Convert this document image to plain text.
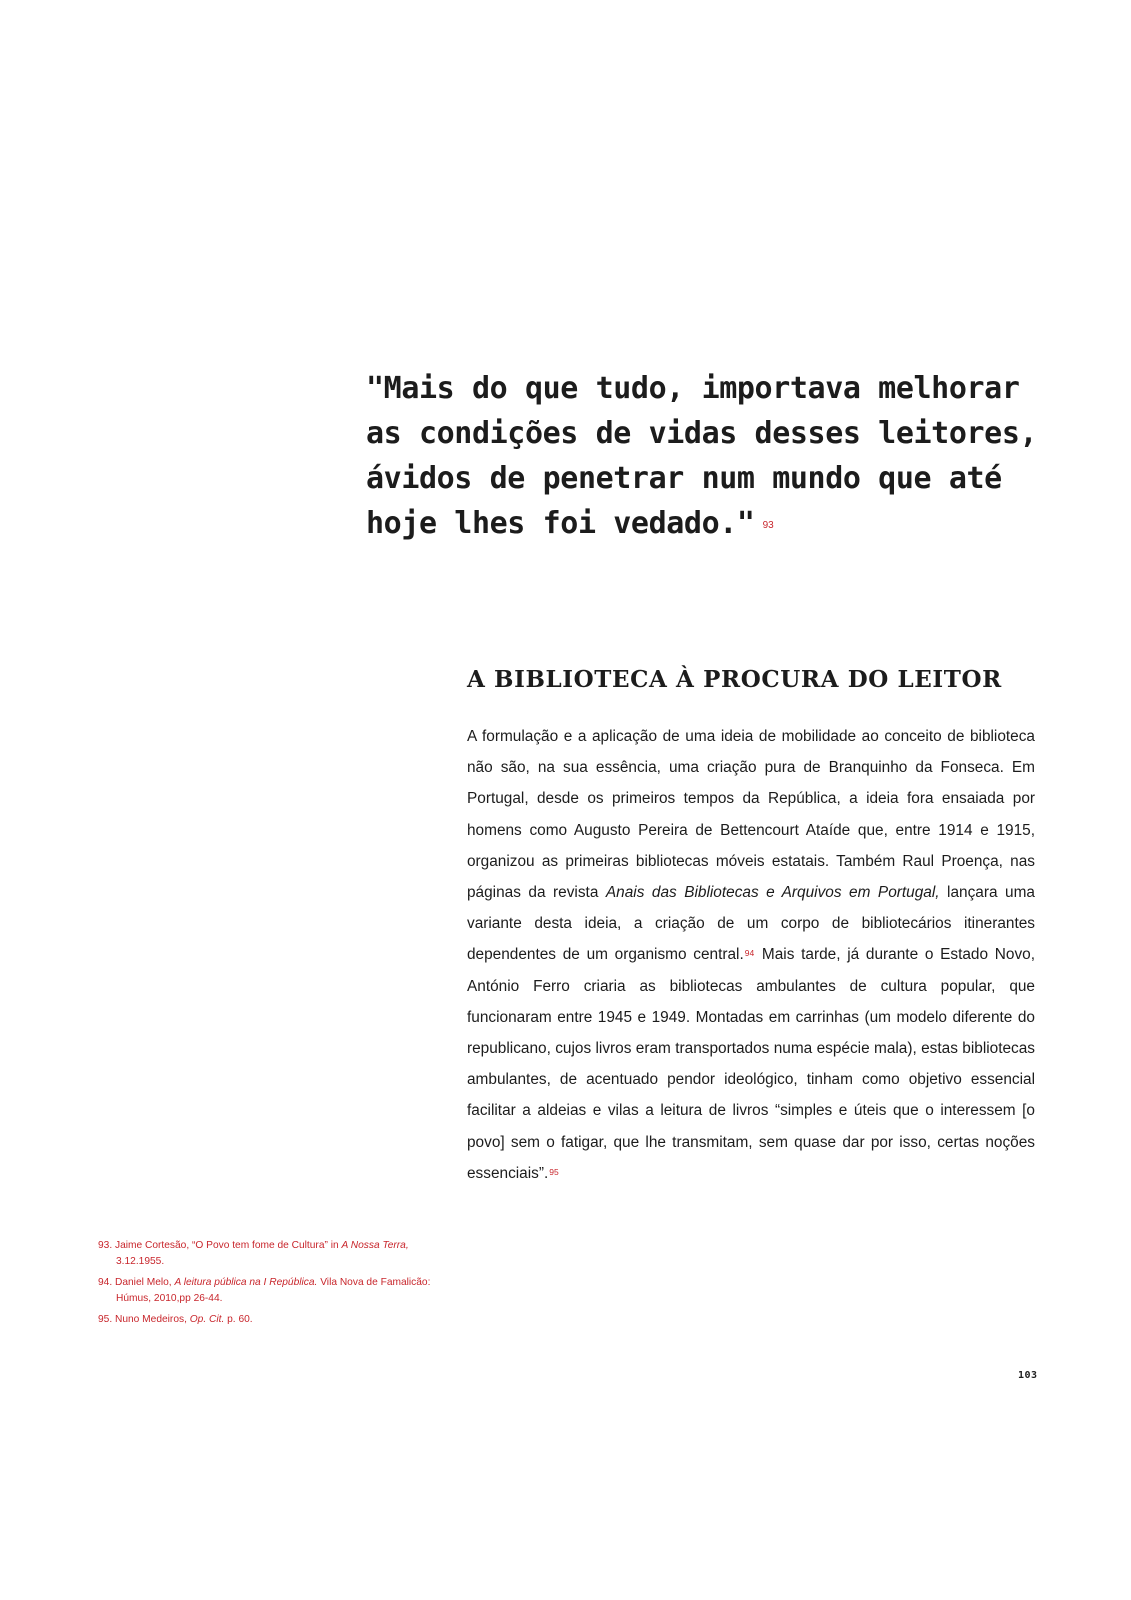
"Mais do que tudo, importava melhorar
as condições de vidas desses leitores,
ávidos de penetrar num mundo que até
hoje lhes foi vedado." $^{93}$
A BIBLIOTECA À PROCURA DO LEITOR

A formulação e a aplicação de uma ideia de mobilidade ao conceito de biblioteca não são, na sua essência, uma criação pura de Branquinho da Fonseca. Em Portugal, desde os primeiros tempos da República, a ideia fora ensaiada por homens como Augusto Pereira de Bettencourt Ataíde que, entre 1914 e 1915, organizou as primeiras bibliotecas móveis estatais. Também Raul Proença, nas páginas da revista Anais das Bibliotecas e Arquivos em Portugal, lançara uma variante desta ideia, a criação de um corpo de bibliotecários itinerantes dependentes de um organismo central.$^{94}$ Mais tarde, já durante o Estado Novo, António Ferro criaria as bibliotecas ambulantes de cultura popular, que funcionaram entre 1945 e 1949. Montadas em carrinhas (um modelo diferente do republicano, cujos livros eram transportados numa espécie mala), estas bibliotecas ambulantes, de acentuado pendor ideológico, tinham como objetivo essencial facilitar a aldeias e vilas a leitura de livros “simples e úteis que o interessem [o povo] sem o fatigar, que lhe transmitam, sem quase dar por isso, certas noções essenciais”.$^{95}$

93. Jaime Cortesão, “O Povo tem fome de Cultura” in A Nossa Terra, 3.12.1955.

94. Daniel Melo, A leitura pública na I República. Vila Nova de Famalicão: Húmus, 2010,pp 26-44.

95. Nuno Medeiros, Op. Cit. p. 60.

103
